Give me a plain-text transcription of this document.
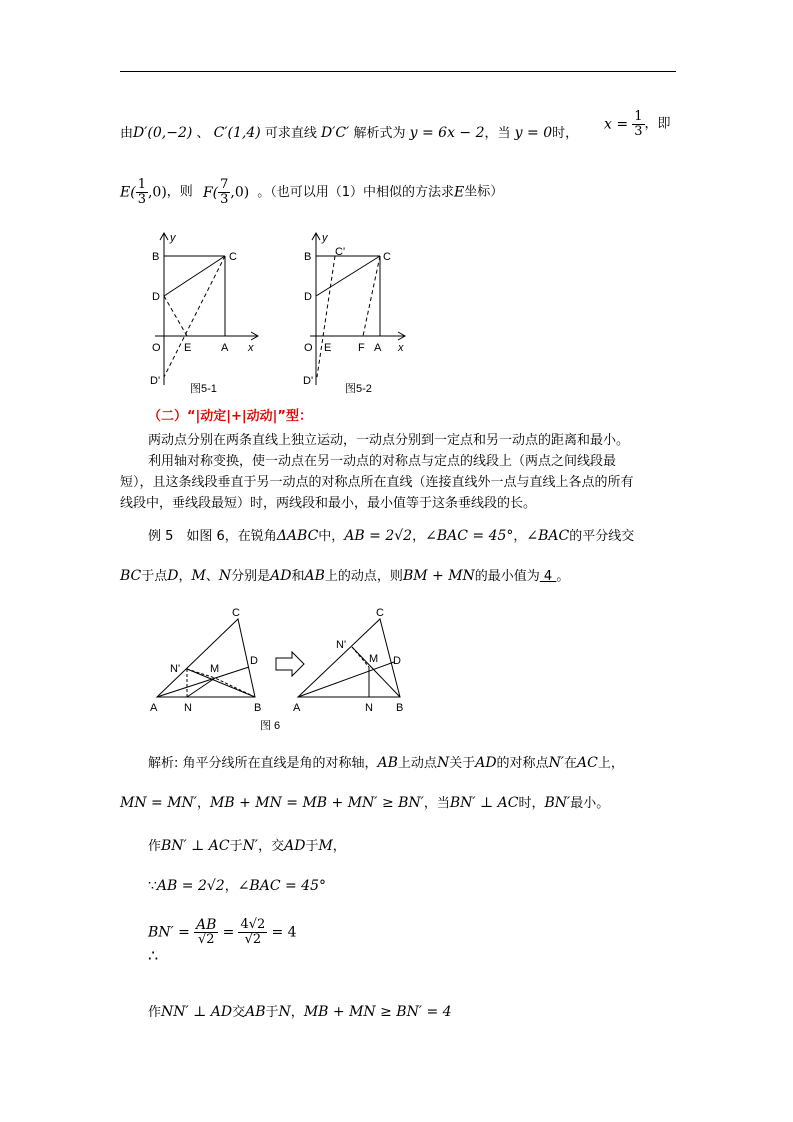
由D′(0,−2) 、 C′(1,4) 可求直线 D′C′ 解析式为 y = 6x − 2，当 y = 0时，
$x = \frac{1}{3}$ ，即
$E( \frac{1}{3} ,0)$，则 $F( \frac{7}{3} ,0)$ 。（也可以用（1）中相似的方法求E坐标）
B	C
D
O E	A x
y
D'
图5-1
B C'	C
D
O E F A x
y
D'
图5-2
（二）“|动定|+|动动|”型：
两动点分别在两条直线上独立运动，一动点分别到一定点和另一动点的距离和最小。
利用轴对称变换，使一动点在另一动点的对称点与定点的线段上（两点之间线段最
短），且这条线段垂直于另一动点的对称点所在直线（连接直线外一点与直线上各点的所有
线段中，垂线段最短）时，两线段和最小，最小值等于这条垂线段的长。
例 5　如图 6，在锐角ΔABC中，AB = 2√2，∠BAC = 45°，∠BAC的平分线交
BC于点D，M、N分别是AD和AB上的动点，则BM + MN的最小值为 4 。
A N	B
C
D
M
N'
A	N B
C
D
M
N'
图 6
解析: 角平分线所在直线是角的对称轴，AB上动点N关于AD的对称点N′在AC上，
MN = MN′，MB + MN = MB + MN′ ≥ BN′，当BN′ ⊥ AC时，BN′最小。
作BN′ ⊥ AC于N′，交AD于M，
∵AB = 2√2，∠BAC = 45°
$BN' = \frac{AB}{√2} = \frac{4√2}{√2} = 4$
∴
作NN′ ⊥ AD交AB于N，MB + MN ≥ BN′ = 4
